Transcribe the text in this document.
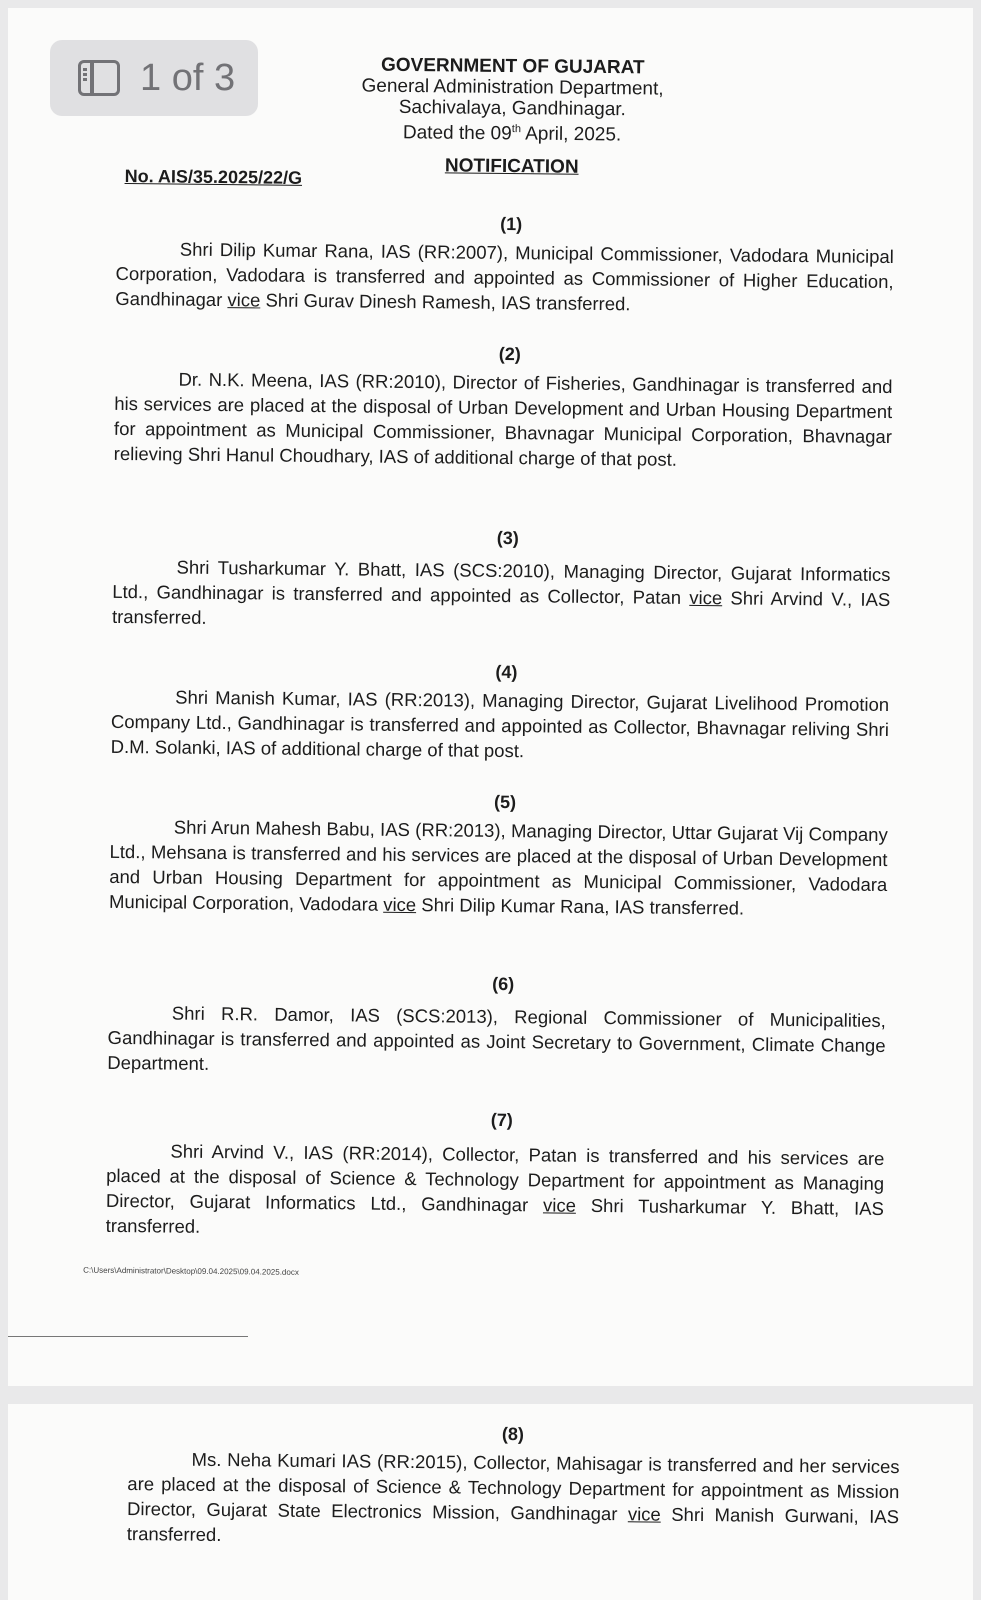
1 of 3	GOVERNMENT OF GUJARAT
General Administration Department,
Sachivalaya, Gandhinagar.
Dated the 09th April, 2025.
NOTIFICATION
No. AIS/35.2025/22/G
(1)
Shri Dilip Kumar Rana, IAS (RR:2007), Municipal Commissioner, Vadodara Municipal Corporation, Vadodara is transferred and appointed as Commissioner of Higher Education, Gandhinagar vice Shri Gurav Dinesh Ramesh, IAS transferred.
(2)
Dr. N.K. Meena, IAS (RR:2010), Director of Fisheries, Gandhinagar is transferred and his services are placed at the disposal of Urban Development and Urban Housing Department for appointment as Municipal Commissioner, Bhavnagar Municipal Corporation, Bhavnagar relieving Shri Hanul Choudhary, IAS of additional charge of that post.
(3)
Shri Tusharkumar Y. Bhatt, IAS (SCS:2010), Managing Director, Gujarat Informatics Ltd., Gandhinagar is transferred and appointed as Collector, Patan vice Shri Arvind V., IAS transferred.
(4)
Shri Manish Kumar, IAS (RR:2013), Managing Director, Gujarat Livelihood Promotion Company Ltd., Gandhinagar is transferred and appointed as Collector, Bhavnagar reliving Shri D.M. Solanki, IAS of additional charge of that post.
(5)
Shri Arun Mahesh Babu, IAS (RR:2013), Managing Director, Uttar Gujarat Vij Company Ltd., Mehsana is transferred and his services are placed at the disposal of Urban Development and Urban Housing Department for appointment as Municipal Commissioner, Vadodara Municipal Corporation, Vadodara vice Shri Dilip Kumar Rana, IAS transferred.
(6)
Shri R.R. Damor, IAS (SCS:2013), Regional Commissioner of Municipalities, Gandhinagar is transferred and appointed as Joint Secretary to Government, Climate Change Department.
(7)
Shri Arvind V., IAS (RR:2014), Collector, Patan is transferred and his services are placed at the disposal of Science & Technology Department for appointment as Managing Director, Gujarat Informatics Ltd., Gandhinagar vice Shri Tusharkumar Y. Bhatt, IAS transferred.
C:\Users\Administrator\Desktop\09.04.2025\09.04.2025.docx
(8)
Ms. Neha Kumari IAS (RR:2015), Collector, Mahisagar is transferred and her services are placed at the disposal of Science & Technology Department for appointment as Mission Director, Gujarat State Electronics Mission, Gandhinagar vice Shri Manish Gurwani, IAS transferred.
